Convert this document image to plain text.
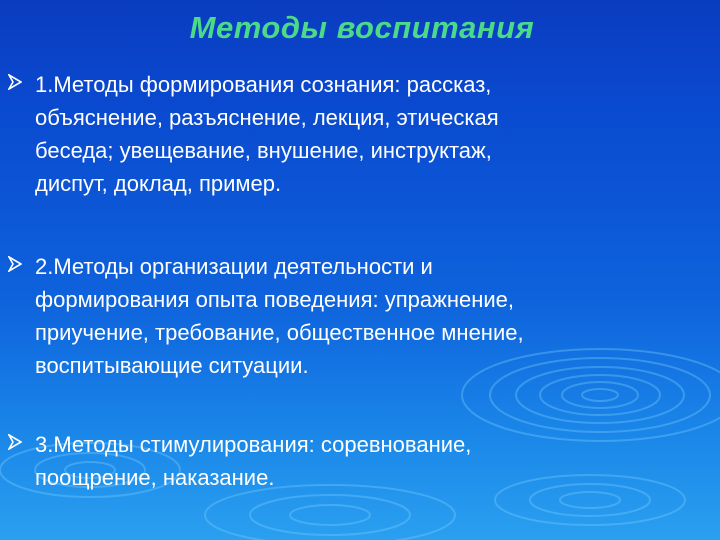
Методы воспитания
1.Методы формирования сознания: рассказ,
объяснение, разъяснение, лекция, этическая
беседа; увещевание, внушение, инструктаж,
диспут, доклад, пример.
2.Методы организации деятельности и
формирования опыта поведения: упражнение,
приучение, требование, общественное мнение,
воспитывающие ситуации.
3.Методы стимулирования: соревнование,
поощрение, наказание.
